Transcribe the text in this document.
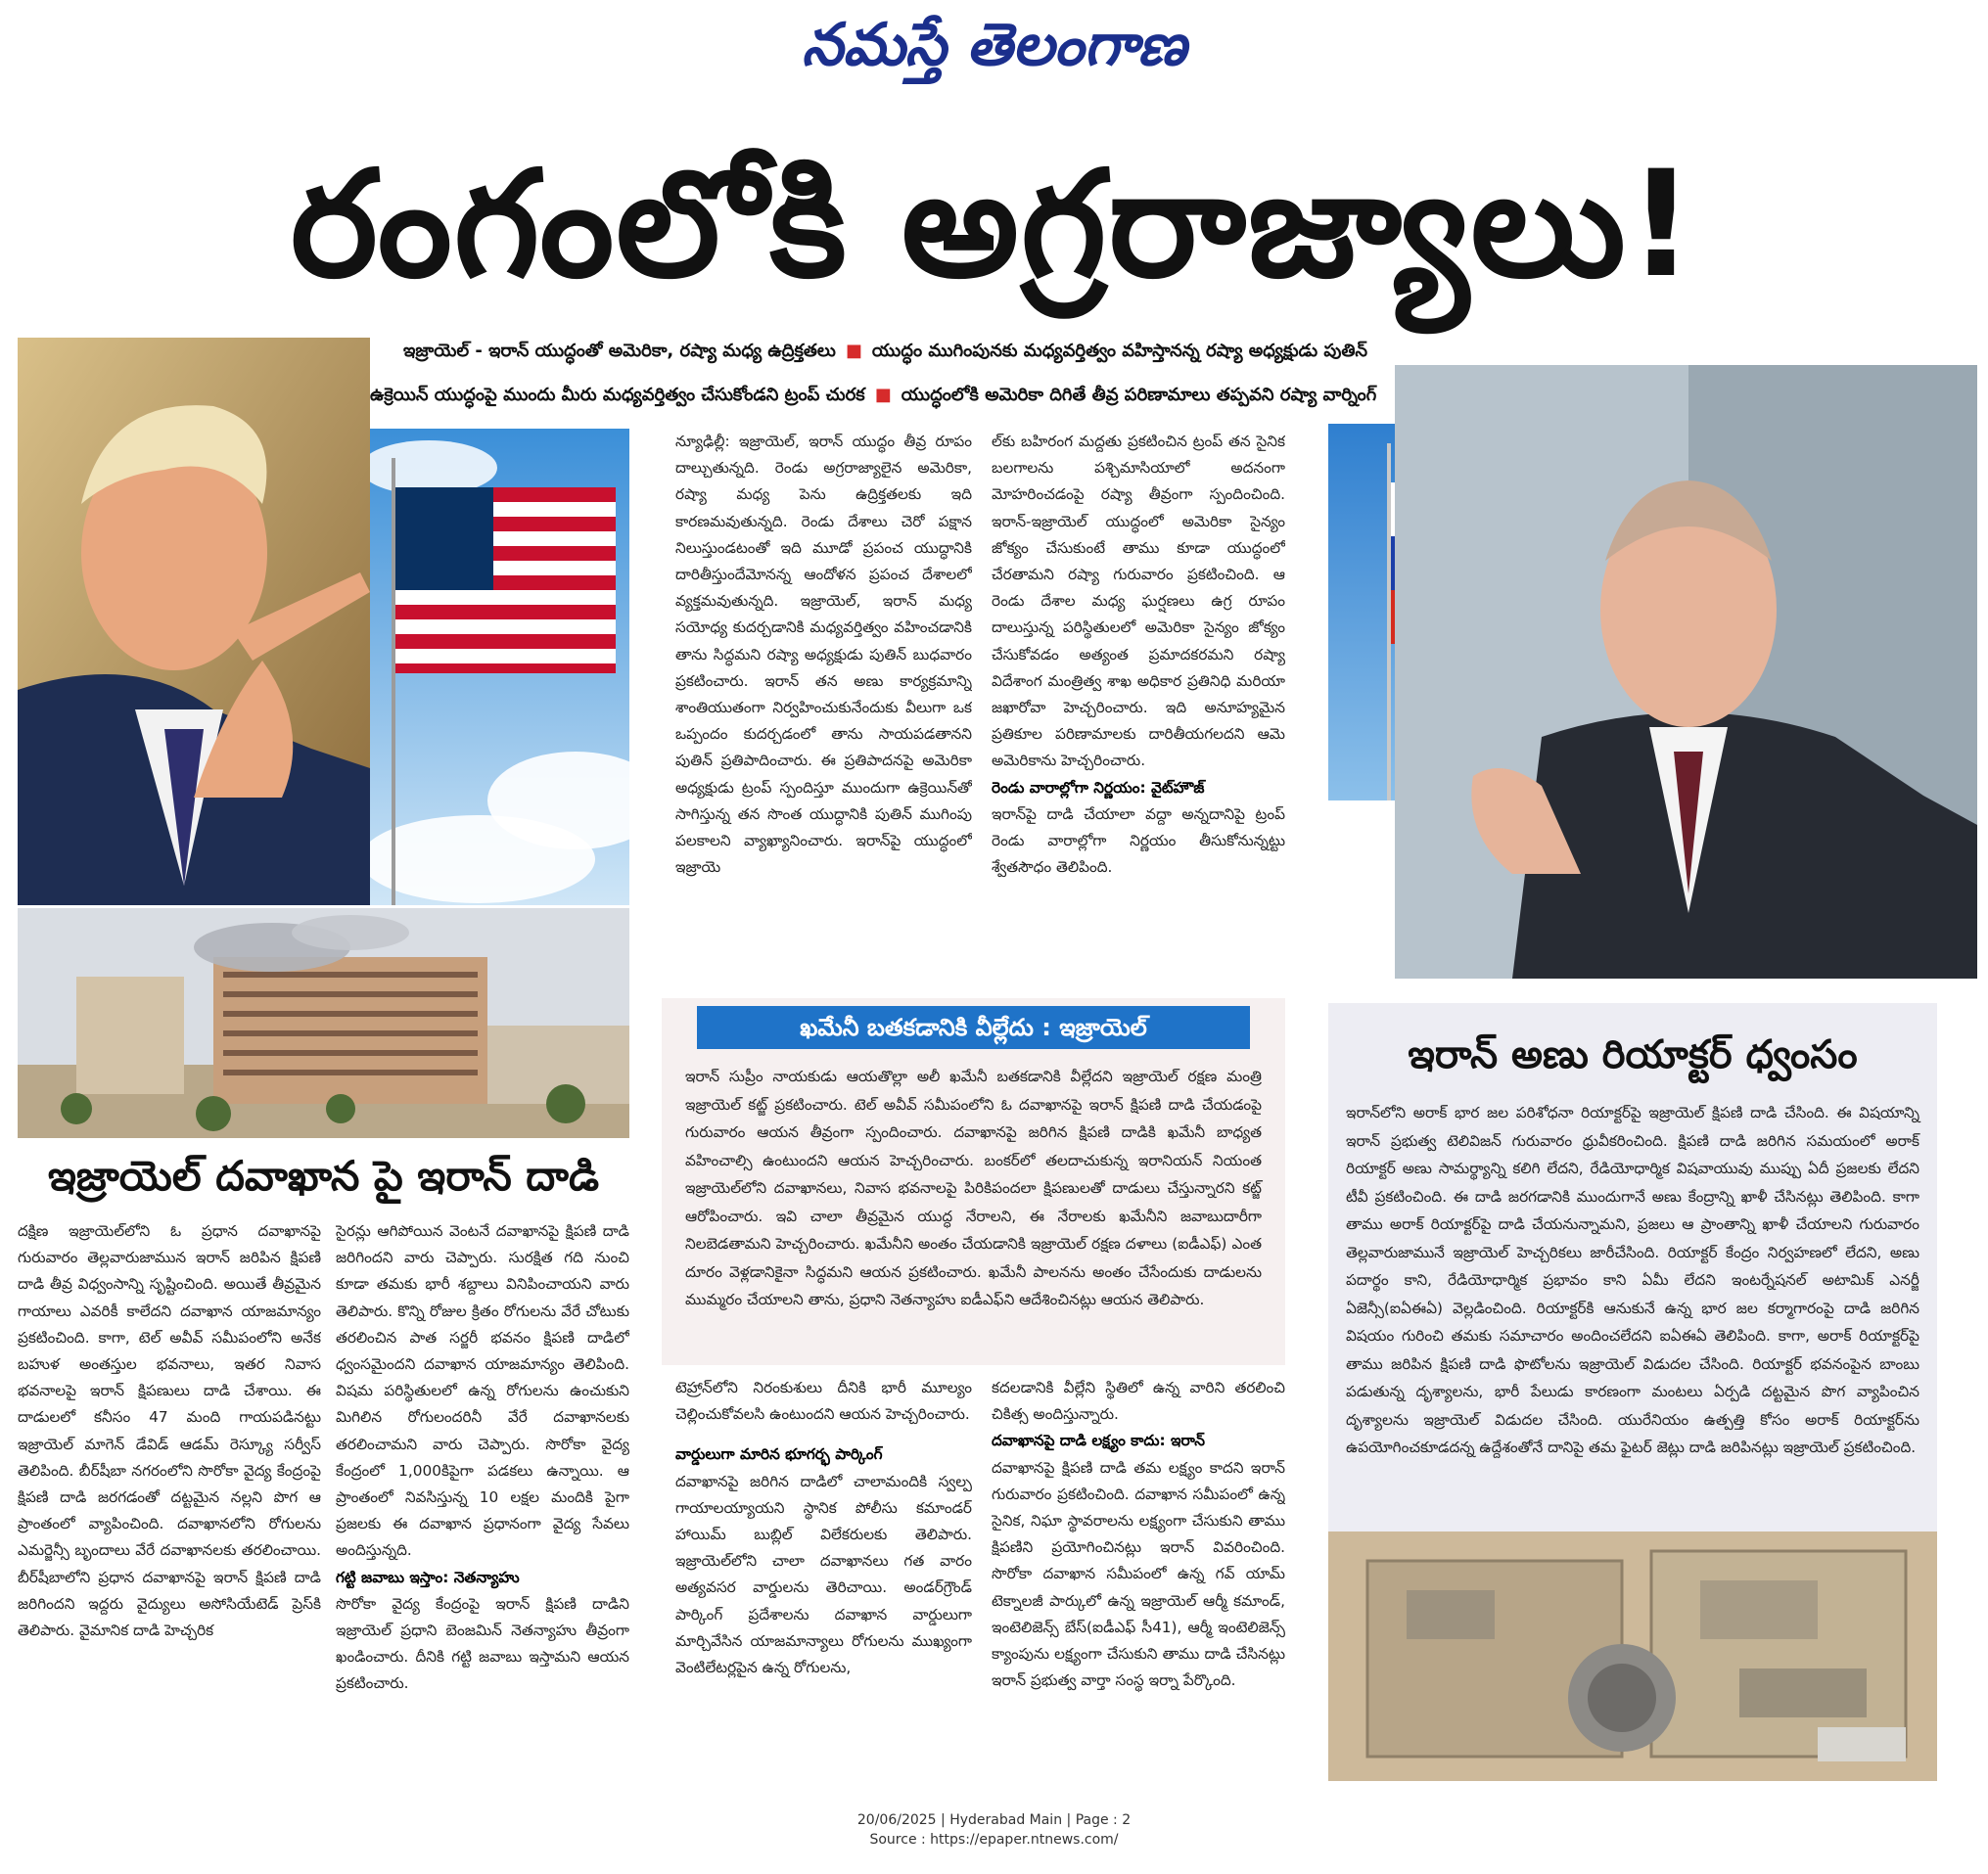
నమస్తే తెలంగాణ
రంగంలోకి అగ్రరాజ్యాలు!
ఇజ్రాయెల్ - ఇరాన్ యుద్ధంతో అమెరికా, రష్యా మధ్య ఉద్రిక్తతలు ■ యుద్ధం ముగింపునకు మధ్యవర్తిత్వం వహిస్తానన్న రష్యా అధ్యక్షుడు పుతిన్
ఉక్రెయిన్ యుద్ధంపై ముందు మీరు మధ్యవర్తిత్వం చేసుకోండని ట్రంప్ చురక ■ యుద్ధంలోకి అమెరికా దిగితే తీవ్ర పరిణామాలు తప్పవని రష్యా వార్నింగ్

న్యూఢిల్లీ: ఇజ్రాయెల్, ఇరాన్ యుద్ధం తీవ్ర రూపం దాల్చుతున్నది. రెండు అగ్రరాజ్యాలైన అమెరికా, రష్యా మధ్య పెను ఉద్రిక్తతలకు ఇది కారణమవుతున్నది. రెండు దేశాలు చెరో పక్షాన నిలుస్తుండటంతో ఇది మూడో ప్రపంచ యుద్ధానికి దారితీస్తుందేమోనన్న ఆందోళన ప్రపంచ దేశాలలో వ్యక్తమవుతున్నది. ఇజ్రాయెల్, ఇరాన్ మధ్య సయోధ్య కుదర్చడానికి మధ్యవర్తిత్వం వహించడానికి తాను సిద్ధమని రష్యా అధ్యక్షుడు పుతిన్ బుధవారం ప్రకటించారు. ఇరాన్ తన అణు కార్యక్రమాన్ని శాంతియుతంగా నిర్వహించుకునేందుకు వీలుగా ఒక ఒప్పందం కుదర్చడంలో తాను సాయపడతానని పుతిన్ ప్రతిపాదించారు. ఈ ప్రతిపాదనపై అమెరికా అధ్యక్షుడు ట్రంప్ స్పందిస్తూ ముందుగా ఉక్రెయిన్‌తో సాగిస్తున్న తన సొంత యుద్ధానికి పుతిన్ ముగింపు పలకాలని వ్యాఖ్యానించారు. ఇరాన్‌పై యుద్ధంలో ఇజ్రాయె

ల్‌కు బహిరంగ మద్దతు ప్రకటించిన ట్రంప్ తన సైనిక బలగాలను పశ్చిమాసియాలో అదనంగా మోహరించడంపై రష్యా తీవ్రంగా స్పందించింది. ఇరాన్-ఇజ్రాయెల్ యుద్ధంలో అమెరికా సైన్యం జోక్యం చేసుకుంటే తాము కూడా యుద్ధంలో చేరతామని రష్యా గురువారం ప్రకటించింది. ఆ రెండు దేశాల మధ్య ఘర్షణలు ఉగ్ర రూపం దాలుస్తున్న పరిస్థితులలో అమెరికా సైన్యం జోక్యం చేసుకోవడం అత్యంత ప్రమాదకరమని రష్యా విదేశాంగ మంత్రిత్వ శాఖ అధికార ప్రతినిధి మరియా జఖారోవా హెచ్చరించారు. ఇది అనూహ్యమైన ప్రతికూల పరిణామాలకు దారితీయగలదని ఆమె అమెరికాను హెచ్చరించారు.

రెండు వారాల్లోగా నిర్ణయం: వైట్‌హౌజ్

ఇరాన్‌పై దాడి చేయాలా వద్దా అన్నదానిపై ట్రంప్ రెండు వారాల్లోగా నిర్ణయం తీసుకోనున్నట్టు శ్వేతసౌధం తెలిపింది.

ఇజ్రాయెల్ దవాఖాన పై ఇరాన్ దాడి

దక్షిణ ఇజ్రాయెల్‌లోని ఓ ప్రధాన దవాఖానపై గురువారం తెల్లవారుజామున ఇరాన్ జరిపిన క్షిపణి దాడి తీవ్ర విధ్వంసాన్ని సృష్టించింది. అయితే తీవ్రమైన గాయాలు ఎవరికీ కాలేదని దవాఖాన యాజమాన్యం ప్రకటించింది. కాగా, టెల్ అవీవ్ సమీపంలోని అనేక బహుళ అంతస్తుల భవనాలు, ఇతర నివాస భవనాలపై ఇరాన్ క్షిపణులు దాడి చేశాయి. ఈ దాడులలో కనీసం 47 మంది గాయపడినట్టు ఇజ్రాయెల్ మాగెన్ డేవిడ్ ఆడమ్ రెస్క్యూ సర్వీస్ తెలిపింది. బీర్‌షీబా నగరంలోని సొరోకా వైద్య కేంద్రంపై క్షిపణి దాడి జరగడంతో దట్టమైన నల్లని పొగ ఆ ప్రాంతంలో వ్యాపించింది. దవాఖానలోని రోగులను ఎమర్జెన్సీ బృందాలు వేరే దవాఖానలకు తరలించాయి. బీర్‌షీబాలోని ప్రధాన దవాఖానపై ఇరాన్ క్షిపణి దాడి జరిగిందని ఇద్దరు వైద్యులు అసోసియేటెడ్ ప్రెస్‌కి తెలిపారు. వైమానిక దాడి హెచ్చరిక

సైరన్లు ఆగిపోయిన వెంటనే దవాఖానపై క్షిపణి దాడి జరిగిందని వారు చెప్పారు. సురక్షిత గది నుంచి కూడా తమకు భారీ శబ్దాలు వినిపించాయని వారు తెలిపారు. కొన్ని రోజుల క్రితం రోగులను వేరే చోటుకు తరలించిన పాత సర్జరీ భవనం క్షిపణి దాడిలో ధ్వంసమైందని దవాఖాన యాజమాన్యం తెలిపింది. విషమ పరిస్థితులలో ఉన్న రోగులను ఉంచుకుని మిగిలిన రోగులందరినీ వేరే దవాఖానలకు తరలించామని వారు చెప్పారు. సొరోకా వైద్య కేంద్రంలో 1,000కిపైగా పడకలు ఉన్నాయి. ఆ ప్రాంతంలో నివసిస్తున్న 10 లక్షల మందికి పైగా ప్రజలకు ఈ దవాఖాన ప్రధానంగా వైద్య సేవలు అందిస్తున్నది.

గట్టి జవాబు ఇస్తాం: నెతన్యాహు

సొరోకా వైద్య కేంద్రంపై ఇరాన్ క్షిపణి దాడిని ఇజ్రాయెల్ ప్రధాని బెంజమిన్ నెతన్యాహు తీవ్రంగా ఖండించారు. దీనికి గట్టి జవాబు ఇస్తామని ఆయన ప్రకటించారు.

ఖమేనీ బతకడానికి వీల్లేదు : ఇజ్రాయెల్

ఇరాన్ సుప్రీం నాయకుడు ఆయతొల్లా అలీ ఖమేనీ బతకడానికి వీల్లేదని ఇజ్రాయెల్ రక్షణ మంత్రి ఇజ్రాయెల్ కట్జ్ ప్రకటించారు. టెల్ అవీవ్ సమీపంలోని ఓ దవాఖానపై ఇరాన్ క్షిపణి దాడి చేయడంపై గురువారం ఆయన తీవ్రంగా స్పందించారు. దవాఖానపై జరిగిన క్షిపణి దాడికి ఖమేనీ బాధ్యత వహించాల్సి ఉంటుందని ఆయన హెచ్చరించారు. బంకర్‌లో తలదాచుకున్న ఇరానియన్ నియంత ఇజ్రాయెల్‌లోని దవాఖానలు, నివాస భవనాలపై పిరికిపందలా క్షిపణులతో దాడులు చేస్తున్నారని కట్జ్ ఆరోపించారు. ఇవి చాలా తీవ్రమైన యుద్ధ నేరాలని, ఈ నేరాలకు ఖమేనీని జవాబుదారీగా నిలబెడతామని హెచ్చరించారు. ఖమేనీని అంతం చేయడానికి ఇజ్రాయెల్ రక్షణ దళాలు (ఐడీఎఫ్) ఎంత దూరం వెళ్లడానికైనా సిద్ధమని ఆయన ప్రకటించారు. ఖమేనీ పాలనను అంతం చేసేందుకు దాడులను ముమ్మరం చేయాలని తాను, ప్రధాని నెతన్యాహు ఐడీఎఫ్‌ని ఆదేశించినట్లు ఆయన తెలిపారు.

టెహ్రాన్‌లోని నిరంకుశులు దీనికి భారీ మూల్యం చెల్లించుకోవలసి ఉంటుందని ఆయన హెచ్చరించారు.

వార్డులుగా మారిన భూగర్భ పార్కింగ్

దవాఖానపై జరిగిన దాడిలో చాలామందికి స్వల్ప గాయాలయ్యాయని స్థానిక పోలీసు కమాండర్ హాయిమ్ బుబ్లిల్ విలేకరులకు తెలిపారు. ఇజ్రాయెల్‌లోని చాలా దవాఖానలు గత వారం అత్యవసర వార్డులను తెరిచాయి. అండర్‌గ్రౌండ్ పార్కింగ్ ప్రదేశాలను దవాఖాన వార్డులుగా మార్చివేసిన యాజమాన్యాలు రోగులను ముఖ్యంగా వెంటిలేటర్లపైన ఉన్న రోగులను,

కదలడానికి వీల్లేని స్థితిలో ఉన్న వారిని తరలించి చికిత్స అందిస్తున్నారు.

దవాఖానపై దాడి లక్ష్యం కాదు: ఇరాన్

దవాఖానపై క్షిపణి దాడి తమ లక్ష్యం కాదని ఇరాన్ గురువారం ప్రకటించింది. దవాఖాన సమీపంలో ఉన్న సైనిక, నిఘా స్థావరాలను లక్ష్యంగా చేసుకుని తాము క్షిపణిని ప్రయోగించినట్లు ఇరాన్ వివరించింది. సొరోకా దవాఖాన సమీపంలో ఉన్న గవ్ యామ్ టెక్నాలజీ పార్కులో ఉన్న ఇజ్రాయెల్ ఆర్మీ కమాండ్, ఇంటెలిజెన్స్ బేస్(ఐడీఎఫ్ సీ41), ఆర్మీ ఇంటెలిజెన్స్ క్యాంపును లక్ష్యంగా చేసుకుని తాము దాడి చేసినట్లు ఇరాన్ ప్రభుత్వ వార్తా సంస్థ ఇర్నా పేర్కొంది.

ఇరాన్ అణు రియాక్టర్ ధ్వంసం

ఇరాన్‌లోని అరాక్ భార జల పరిశోధనా రియాక్టర్‌పై ఇజ్రాయెల్ క్షిపణి దాడి చేసింది. ఈ విషయాన్ని ఇరాన్ ప్రభుత్వ టెలివిజన్ గురువారం ధ్రువీకరించింది. క్షిపణి దాడి జరిగిన సమయంలో అరాక్ రియాక్టర్ అణు సామర్థ్యాన్ని కలిగి లేదని, రేడియోధార్మిక విషవాయువు ముప్పు ఏదీ ప్రజలకు లేదని టీవీ ప్రకటించింది. ఈ దాడి జరగడానికి ముందుగానే అణు కేంద్రాన్ని ఖాళీ చేసినట్లు తెలిపింది. కాగా తాము అరాక్ రియాక్టర్‌పై దాడి చేయనున్నామని, ప్రజలు ఆ ప్రాంతాన్ని ఖాళీ చేయాలని గురువారం తెల్లవారుజామునే ఇజ్రాయెల్ హెచ్చరికలు జారీచేసింది. రియాక్టర్ కేంద్రం నిర్వహణలో లేదని, అణు పదార్థం కాని, రేడియోధార్మిక ప్రభావం కాని ఏమీ లేదని ఇంటర్నేషనల్ అటామిక్ ఎనర్జీ ఏజెన్సీ(ఐఏఈఏ) వెల్లడించింది. రియాక్టర్‌కి ఆనుకునే ఉన్న భార జల కర్మాగారంపై దాడి జరిగిన విషయం గురించి తమకు సమాచారం అందించలేదని ఐఏఈఏ తెలిపింది. కాగా, అరాక్ రియాక్టర్‌పై తాము జరిపిన క్షిపణి దాడి ఫొటోలను ఇజ్రాయెల్ విడుదల చేసింది. రియాక్టర్ భవనంపైన బాంబు పడుతున్న దృశ్యాలను, భారీ పేలుడు కారణంగా మంటలు ఏర్పడి దట్టమైన పొగ వ్యాపించిన దృశ్యాలను ఇజ్రాయెల్ విడుదల చేసింది. యురేనియం ఉత్పత్తి కోసం అరాక్ రియాక్టర్‌ను ఉపయోగించకూడదన్న ఉద్దేశంతోనే దానిపై తమ ఫైటర్ జెట్లు దాడి జరిపినట్లు ఇజ్రాయెల్ ప్రకటించింది.

20/06/2025 | Hyderabad Main | Page : 2
Source : https://epaper.ntnews.com/
